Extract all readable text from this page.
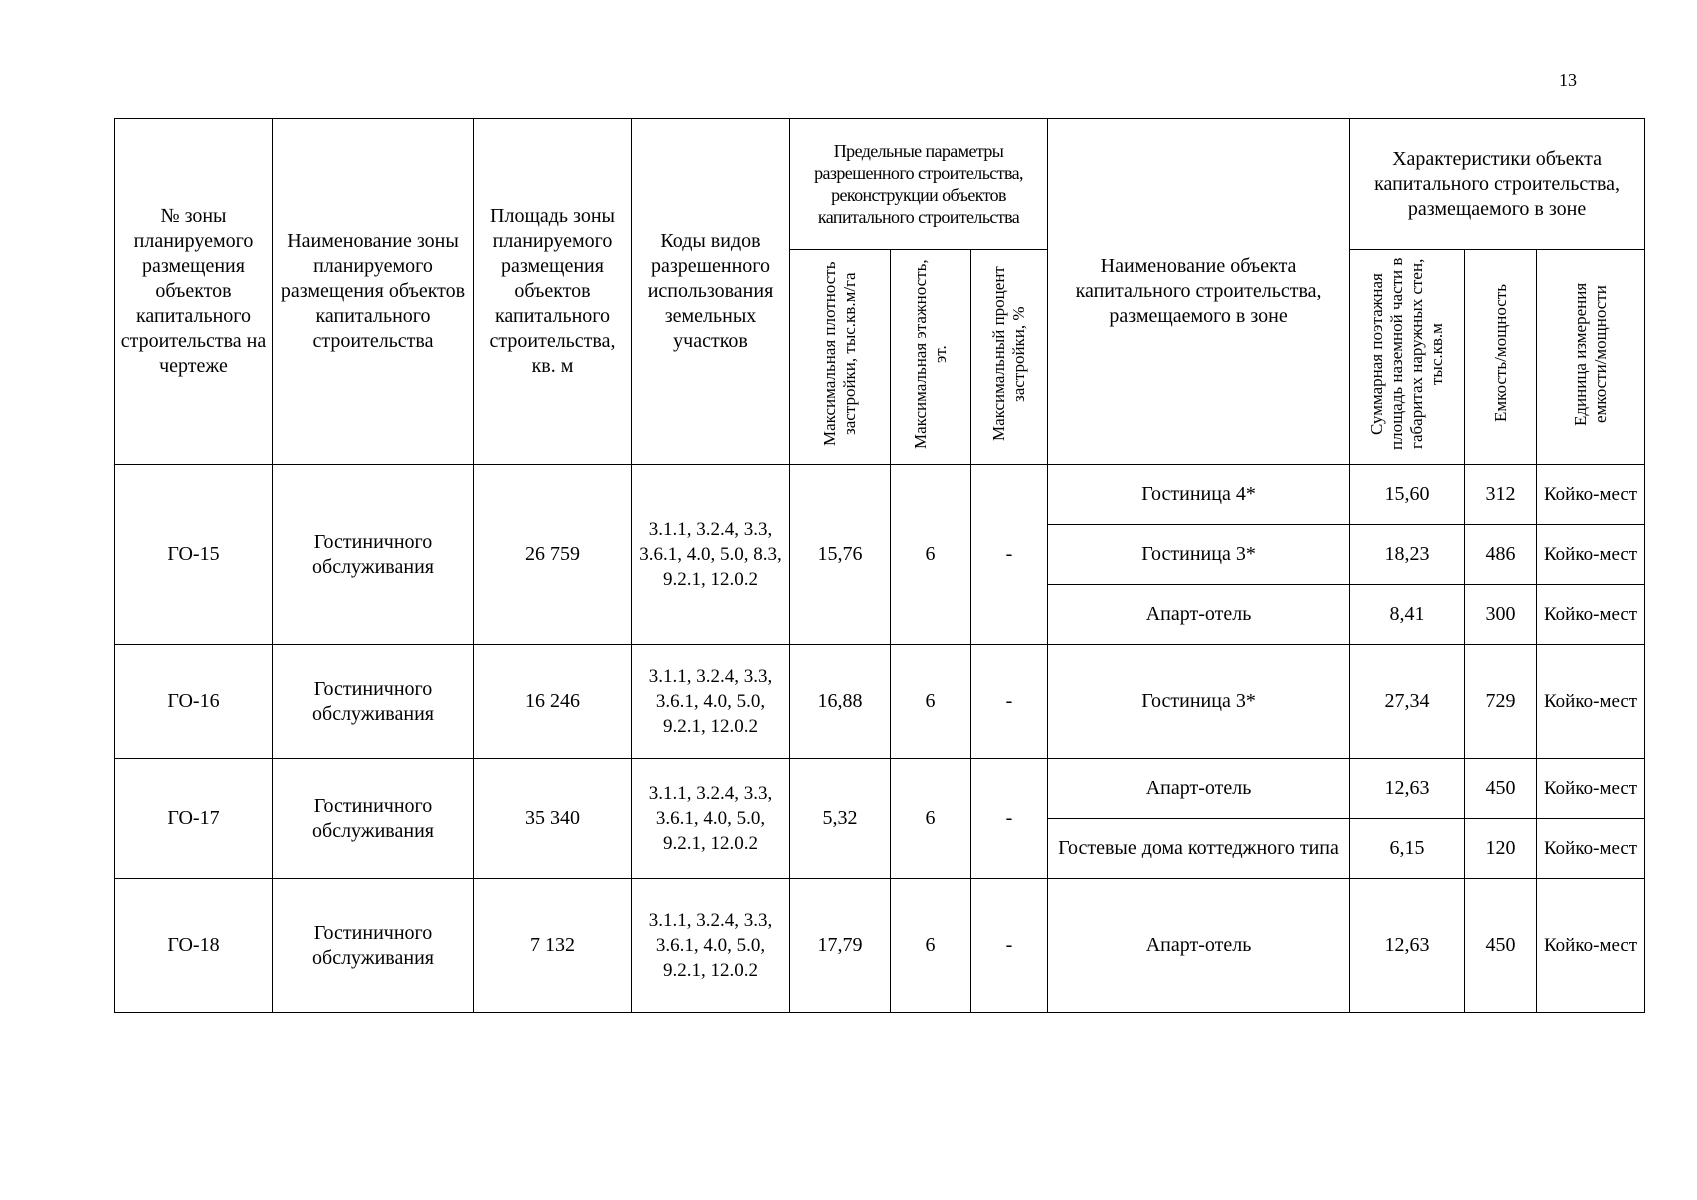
13
№ зоны планируемого размещения объектов капитального строительства на чертеже	Наименование зоны планируемого размещения объектов капитального строительства	Площадь зоны планируемого размещения объектов капитального строительства, кв. м	Коды видов разрешенного использования земельных участков	Предельные параметры разрешенного строительства, реконструкции объектов капитального строительства			Наименование объекта капитального строительства, размещаемого в зоне	Характеристики объекта капитального строительства, размещаемого в зоне		
				Максимальная плотность застройки, тыс.кв.м/га	Максимальная этажность, эт.	Максимальный процент застройки, %		Суммарная поэтажная площадь наземной части в габаритах наружных стен, тыс.кв.м	Емкость/мощность	Единица измерения емкости/мощности
ГО-15	Гостиничного обслуживания	26 759	3.1.1, 3.2.4, 3.3, 3.6.1, 4.0, 5.0, 8.3, 9.2.1, 12.0.2	15,76	6	-	Гостиница 4*	15,60	312	Койко-мест
							Гостиница 3*	18,23	486	Койко-мест
							Апарт-отель	8,41	300	Койко-мест
ГО-16	Гостиничного обслуживания	16 246	3.1.1, 3.2.4, 3.3, 3.6.1, 4.0, 5.0, 9.2.1, 12.0.2	16,88	6	-	Гостиница 3*	27,34	729	Койко-мест
ГО-17	Гостиничного обслуживания	35 340	3.1.1, 3.2.4, 3.3, 3.6.1, 4.0, 5.0, 9.2.1, 12.0.2	5,32	6	-	Апарт-отель	12,63	450	Койко-мест
							Гостевые дома коттеджного типа	6,15	120	Койко-мест
ГО-18	Гостиничного обслуживания	7 132	3.1.1, 3.2.4, 3.3, 3.6.1, 4.0, 5.0, 9.2.1, 12.0.2	17,79	6	-	Апарт-отель	12,63	450	Койко-мест
